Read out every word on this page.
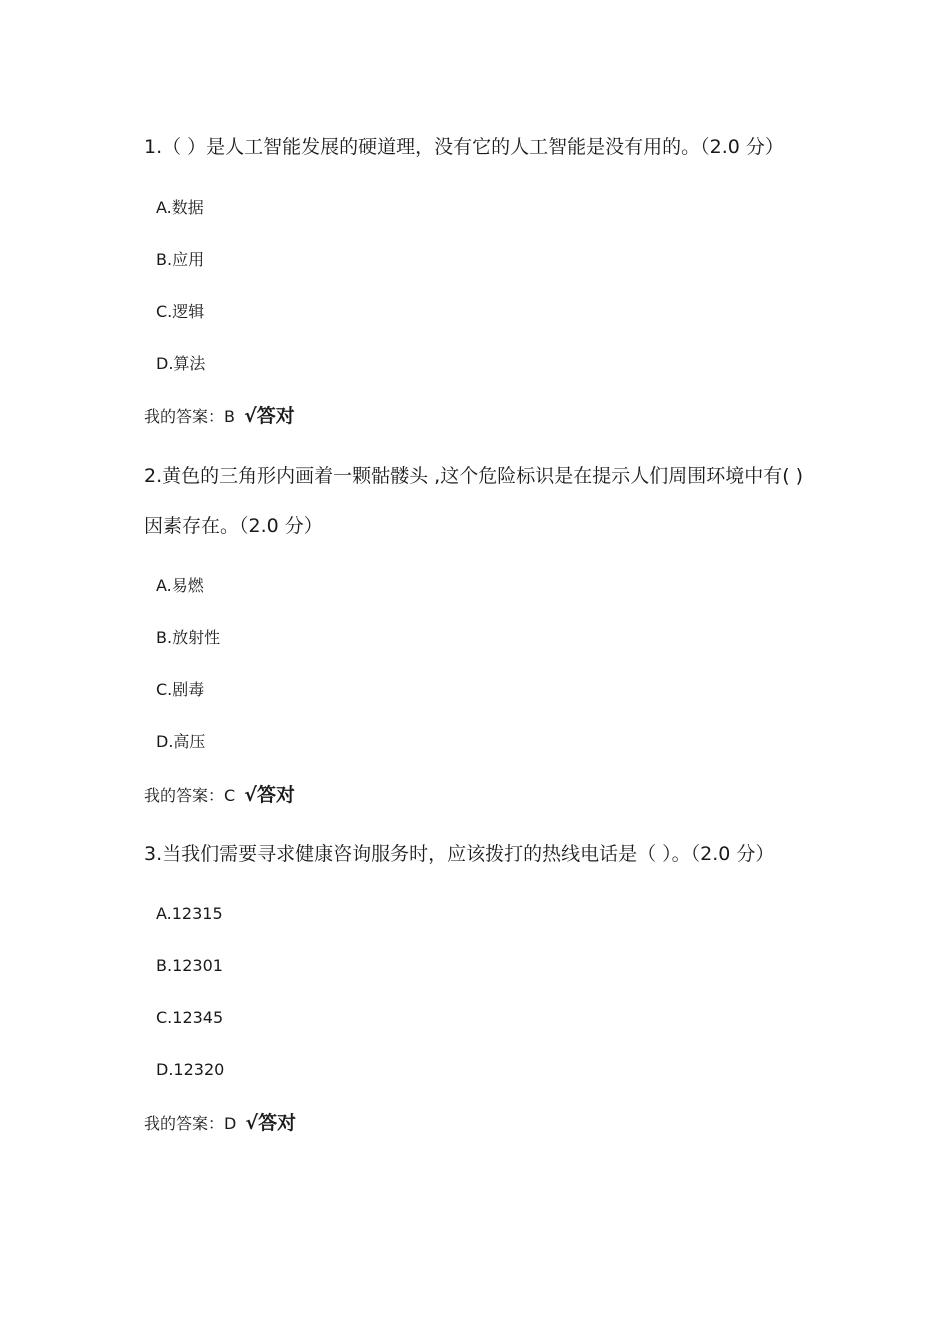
1.（ ）是人工智能发展的硬道理，没有它的人工智能是没有用的。（2.0 分）
A.数据
B.应用
C.逻辑
D.算法
我的答案：B √答对
2.黄色的三角形内画着一颗骷髅头 ,这个危险标识是在提示人们周围环境中有( )
因素存在。（2.0 分）
A.易燃
B.放射性
C.剧毒
D.高压
我的答案：C √答对
3.当我们需要寻求健康咨询服务时，应该拨打的热线电话是（ ）。（2.0 分）
A.12315
B.12301
C.12345
D.12320
我的答案：D √答对
